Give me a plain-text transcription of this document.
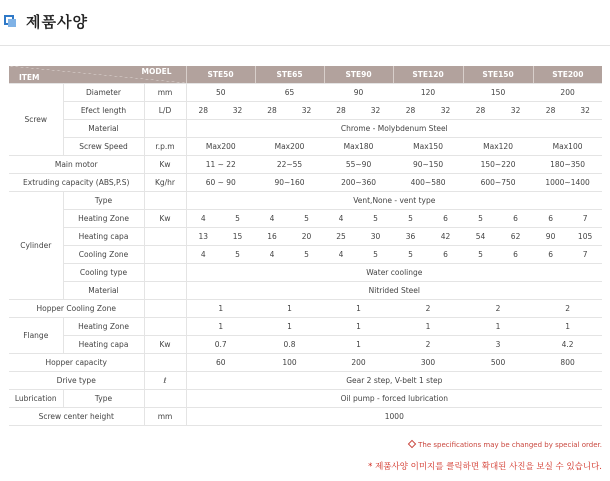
제품사양
ITEM
MODEL			STE50		STE65		STE90		STE120		STE150		STE200	
Screw	Diameter	mm	50		65		90		120		150		200	
	Efect length	L/D	28	32	28	32	28	32	28	32	28	32	28	32
	Material		Chrome - Molybdenum Steel											
	Screw Speed	r.p.m	Max200		Max200		Max180		Max150		Max120		Max100	
Main motor		Kw	11 ~ 22		22~55		55~90		90~150		150~220		180~350	
Extruding capacity (ABS,P.S)		Kg/hr	60 ~ 90		90~160		200~360		400~580		600~750		1000~1400	
Cylinder	Type		Vent,None - vent type											
	Heating Zone	Kw	4	5	4	5	4	5	5	6	5	6	6	7
	Heating capa		13	15	16	20	25	30	36	42	54	62	90	105
	Cooling Zone		4	5	4	5	4	5	5	6	5	6	6	7
	Cooling type		Water coolinge											
	Material		Nitrided Steel											
Hopper Cooling Zone			1		1		1		2		2		2	
Flange	Heating Zone		1		1		1		1		1		1	
	Heating capa	Kw	0.7		0.8		1		2		3		4.2	
Hopper capacity			60		100		200		300		500		800	
Drive type		ℓ	Gear 2 step, V-belt 1 step											
Lubrication	Type		Oil pump - forced lubrication											
Screw center height		mm	1000											
The specifications may be changed by special order.
* 제품사양 이미지를 클릭하면 확대된 사진을 보실 수 있습니다.
